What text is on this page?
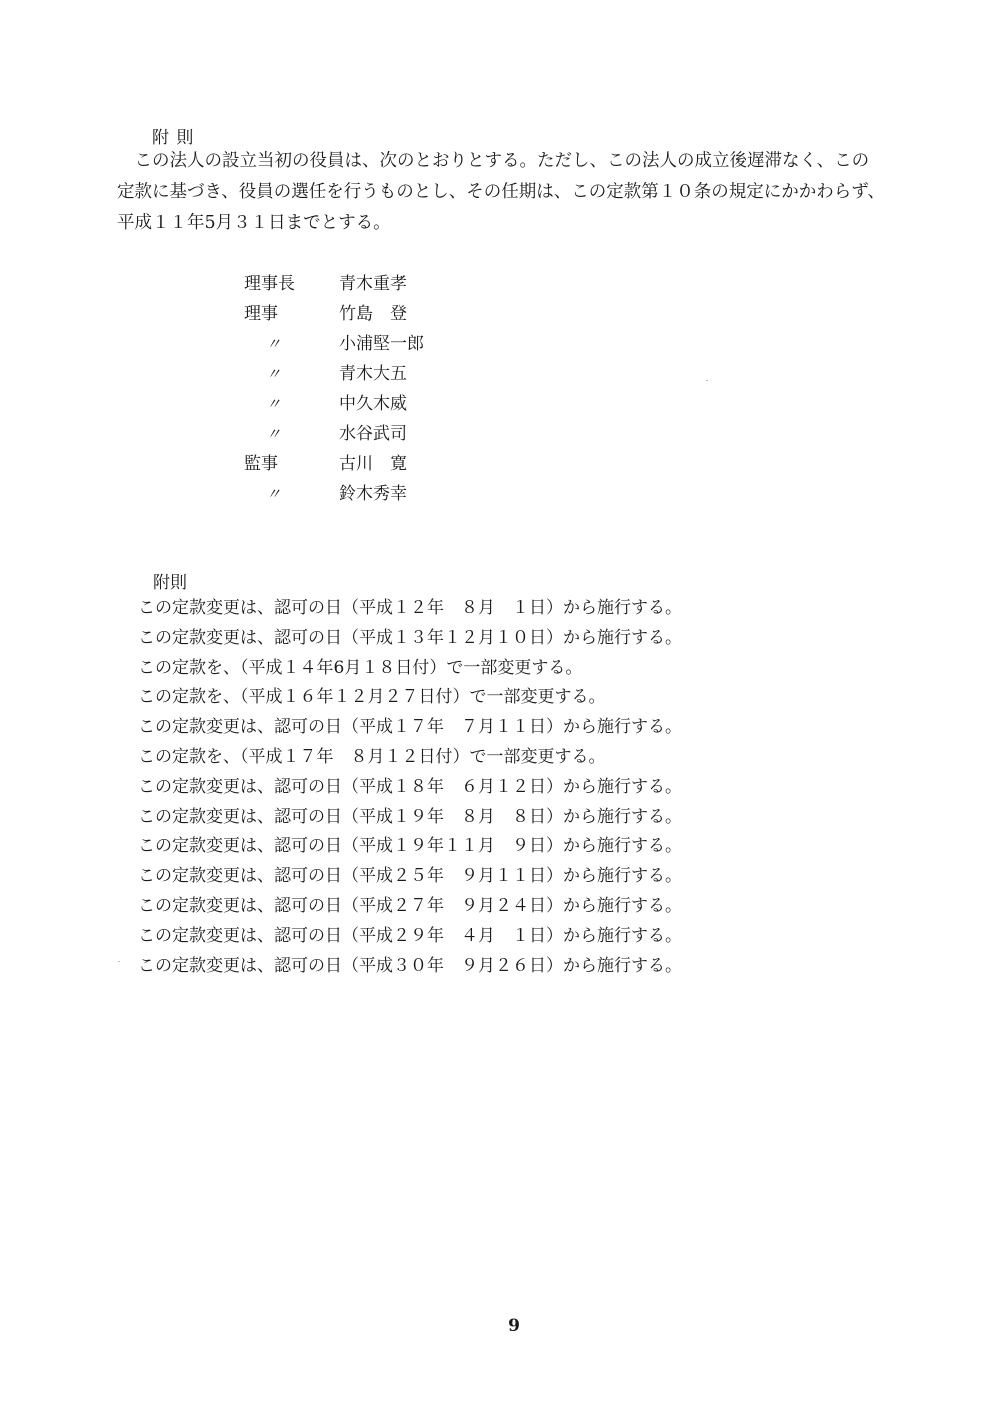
附 則
　この法人の設立当初の役員は、次のとおりとする。ただし、この法人の成立後遅滞なく、この
定款に基づき、役員の選任を行うものとし、その任期は、この定款第１０条の規定にかかわらず、
平成１１年5月３１日までとする。
理事長	青木重孝
理事	竹島　登
〃	小浦堅一郎
〃	青木大五
〃	中久木威
〃	水谷武司
監事	古川　寛
〃	鈴木秀幸
附則
この定款変更は、認可の日（平成１２年　８月　１日）から施行する。
この定款変更は、認可の日（平成１３年１２月１０日）から施行する。
この定款を、（平成１４年6月１８日付）で一部変更する。
この定款を、（平成１６年１２月２７日付）で一部変更する。
この定款変更は、認可の日（平成１７年　７月１１日）から施行する。
この定款を、（平成１７年　８月１２日付）で一部変更する。
この定款変更は、認可の日（平成１８年　６月１２日）から施行する。
この定款変更は、認可の日（平成１９年　８月　８日）から施行する。
この定款変更は、認可の日（平成１９年１１月　９日）から施行する。
この定款変更は、認可の日（平成２５年　９月１１日）から施行する。
この定款変更は、認可の日（平成２７年　９月２４日）から施行する。
この定款変更は、認可の日（平成２９年　４月　１日）から施行する。
この定款変更は、認可の日（平成３０年　９月２６日）から施行する。
9
